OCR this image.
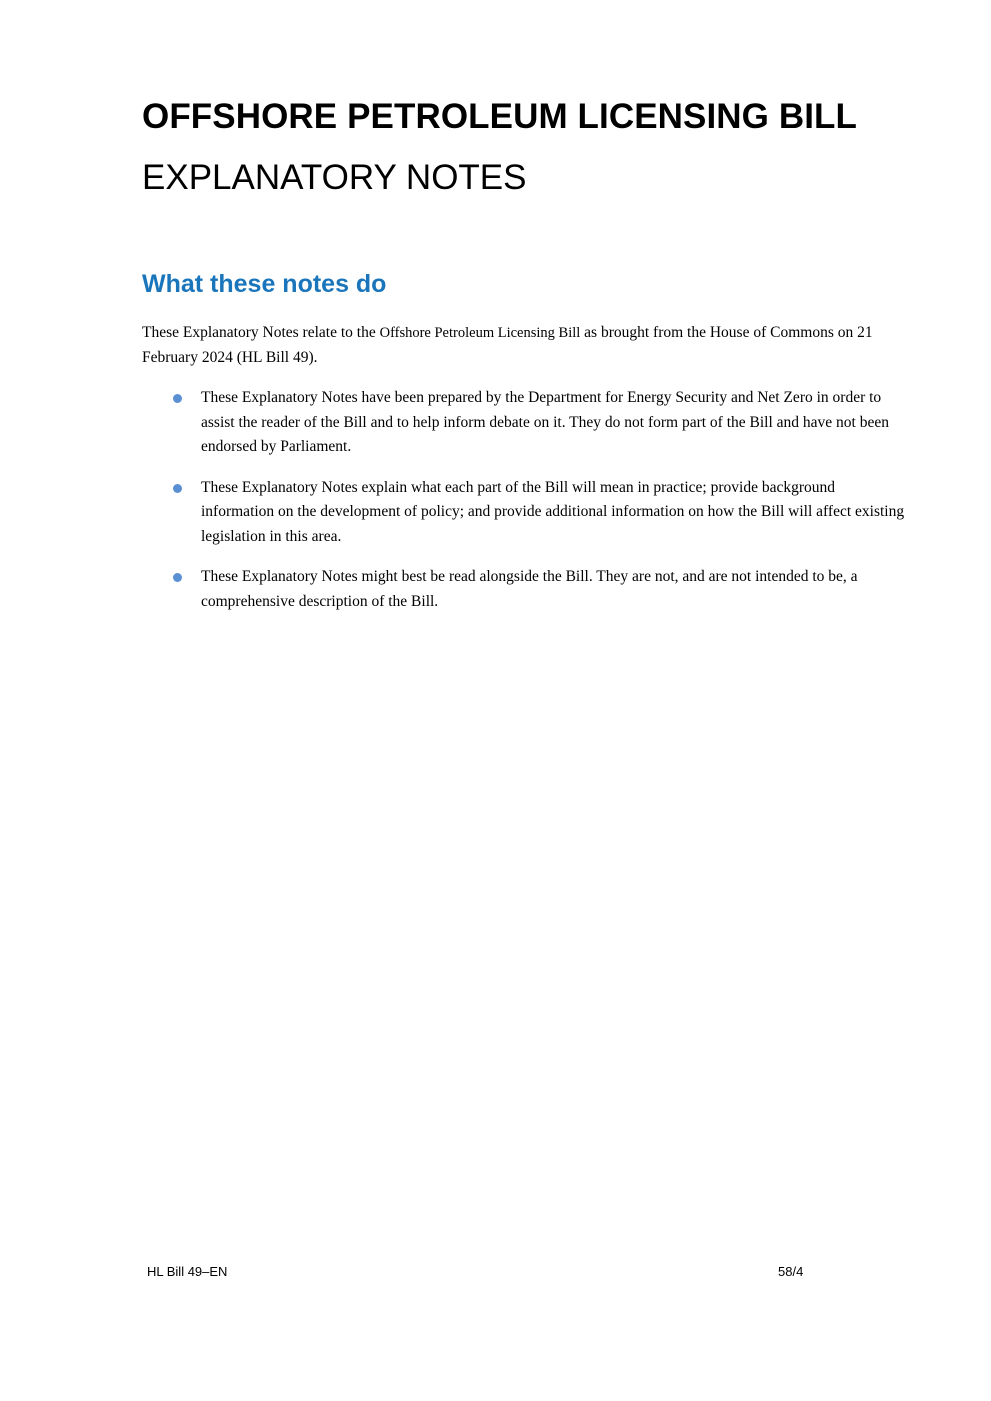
OFFSHORE PETROLEUM LICENSING BILL
EXPLANATORY NOTES
What these notes do

These Explanatory Notes relate to the Offshore Petroleum Licensing Bill as brought from the House of Commons on 21 February 2024 (HL Bill 49).

These Explanatory Notes have been prepared by the Department for Energy Security and Net Zero in order to assist the reader of the Bill and to help inform debate on it. They do not form part of the Bill and have not been endorsed by Parliament.
These Explanatory Notes explain what each part of the Bill will mean in practice; provide background information on the development of policy; and provide additional information on how the Bill will affect existing legislation in this area.
These Explanatory Notes might best be read alongside the Bill. They are not, and are not intended to be, a comprehensive description of the Bill.

HL Bill 49–EN	58/4
